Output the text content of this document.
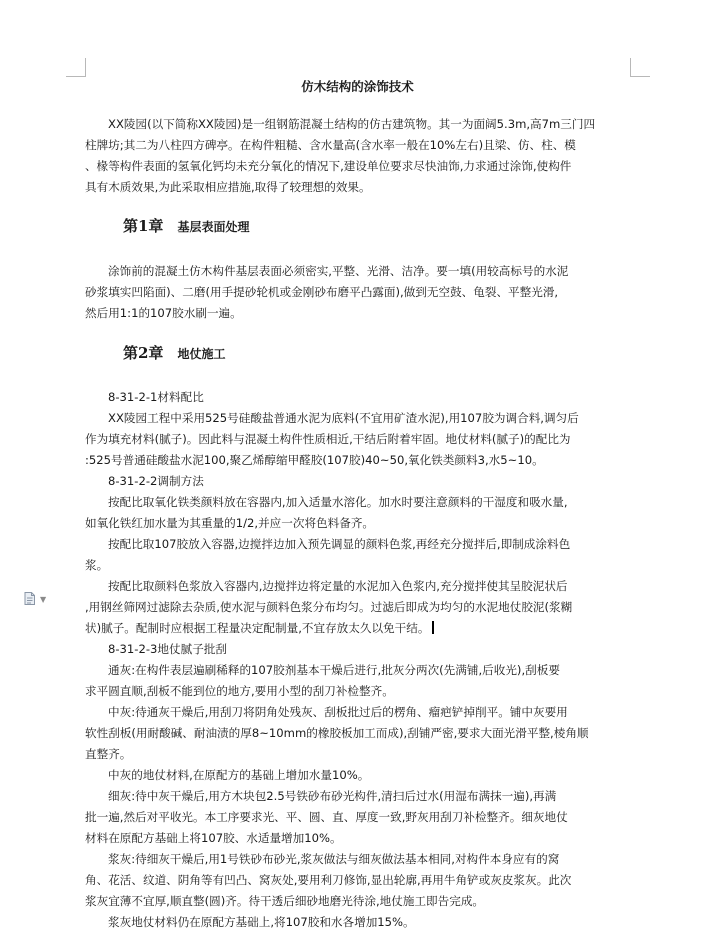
▼
仿木结构的涂饰技术
XX陵园(以下简称XX陵园)是一组钢筋混凝土结构的仿古建筑物。其一为面阔5.3m,高7m三门四
柱牌坊;其二为八柱四方碑亭。在构件粗糙、含水量高(含水率一般在10%左右)且梁、仿、柱、模
、椽等构件表面的氢氧化钙均未充分氧化的情况下,建设单位要求尽快油饰,力求通过涂饰,使构件
具有木质效果,为此采取相应措施,取得了较理想的效果。
第1章 基层表面处理
涂饰前的混凝土仿木构件基层表面必须密实,平整、光滑、洁净。要一填(用较高标号的水泥
砂浆填实凹陷面)、二磨(用手提砂轮机或金刚砂布磨平凸露面),做到无空鼓、龟裂、平整光滑,
然后用1:1的107胶水刷一遍。
第2章 地仗施工
8-31-2-1材料配比
XX陵园工程中采用525号硅酸盐普通水泥为底料(不宜用矿渣水泥),用107胶为调合料,调匀后
作为填充材料(腻子)。因此料与混凝土构件性质相近,干结后附着牢固。地仗材料(腻子)的配比为
:525号普通硅酸盐水泥100,聚乙烯醇缩甲醛胶(107胶)40~50,氧化铁类颜料3,水5~10。
8-31-2-2调制方法
按配比取氧化铁类颜料放在容器内,加入适量水溶化。加水时要注意颜料的干湿度和吸水量,
如氧化铁红加水量为其重量的1/2,并应一次将色料备齐。
按配比取107胶放入容器,边搅拌边加入预先调显的颜料色浆,再经充分搅拌后,即制成涂料色
浆。
按配比取颜料色浆放入容器内,边搅拌边将定量的水泥加入色浆内,充分搅拌使其呈胶泥状后
,用钢丝筛网过滤除去杂质,使水泥与颜料色浆分布均匀。过滤后即成为均匀的水泥地仗胶泥(浆糊
状)腻子。配制时应根据工程量决定配制量,不宜存放太久以免干结。
8-31-2-3地仗腻子批刮
通灰:在构件表层遍刷稀释的107胶剂基本干燥后进行,批灰分两次(先满铺,后收光),刮板要
求平圆直顺,刮板不能到位的地方,要用小型的刮刀补检整齐。
中灰:待通灰干燥后,用刮刀将阴角处残灰、刮板批过后的楞角、瘤疤铲掉削平。铺中灰要用
软性刮板(用耐酸碱、耐油渍的厚8~10mm的橡胶板加工而成),刮铺严密,要求大面光滑平整,棱角顺
直整齐。
中灰的地仗材料,在原配方的基础上增加水量10%。
细灰:待中灰干燥后,用方木块包2.5号铁砂布砂光构件,清扫后过水(用湿布满抹一遍),再满
批一遍,然后对平收光。本工序要求光、平、圆、直、厚度一致,野灰用刮刀补检整齐。细灰地仗
材料在原配方基础上将107胶、水适量增加10%。
浆灰:待细灰干燥后,用1号铁砂布砂光,浆灰做法与细灰做法基本相同,对构件本身应有的窝
角、花活、纹道、阴角等有凹凸、窝灰处,要用利刀修饰,显出轮廓,再用牛角铲或灰皮浆灰。此次
浆灰宜薄不宜厚,顺直整(圆)齐。待干透后细砂地磨光待涂,地仗施工即告完成。
浆灰地仗材料仍在原配方基础上,将107胶和水各增加15%。
